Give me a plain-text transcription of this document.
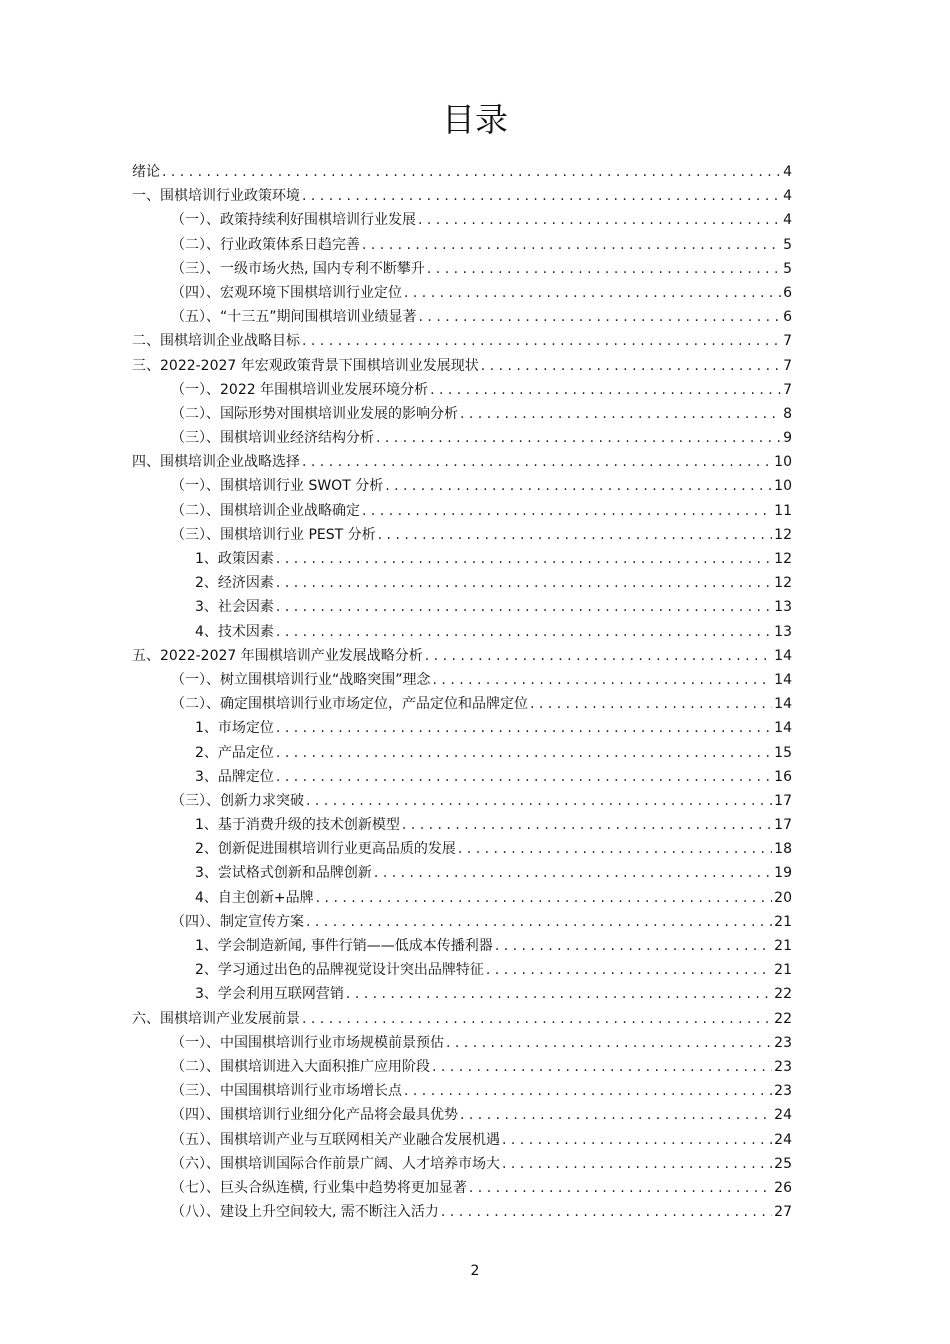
目录
绪论 . . .	4
一、围棋培训行业政策环境 . . .	4
（一）、政策持续利好围棋培训行业发展 . . .	4
（二）、行业政策体系日趋完善 . . .	5
（三）、一级市场火热, 国内专利不断攀升 . . .	5
（四）、宏观环境下围棋培训行业定位 . . .	6
（五）、“十三五”期间围棋培训业绩显著 . . .	6
二、围棋培训企业战略目标 . . .	7
三、2022-2027 年宏观政策背景下围棋培训业发展现状 . . .	7
（一）、2022 年围棋培训业发展环境分析 . . .	7
（二）、国际形势对围棋培训业发展的影响分析 . . .	8
（三）、围棋培训业经济结构分析 . . .	9
四、围棋培训企业战略选择 . . .	10
（一）、围棋培训行业 SWOT 分析 . . .	10
（二）、围棋培训企业战略确定 . . .	11
（三）、围棋培训行业 PEST 分析 . . .	12
1、政策因素 . . .	12
2、经济因素 . . .	12
3、社会因素 . . .	13
4、技术因素 . . .	13
五、2022-2027 年围棋培训产业发展战略分析 . . .	14
（一）、树立围棋培训行业“战略突围”理念 . . .	14
（二）、确定围棋培训行业市场定位，产品定位和品牌定位 . . .	14
1、市场定位 . . .	14
2、产品定位 . . .	15
3、品牌定位 . . .	16
（三）、创新力求突破 . . .	17
1、基于消费升级的技术创新模型 . . .	17
2、创新促进围棋培训行业更高品质的发展 . . .	18
3、尝试格式创新和品牌创新 . . .	19
4、自主创新+品牌 . . .	20
（四）、制定宣传方案 . . .	21
1、学会制造新闻, 事件行销——低成本传播利器 . . .	21
2、学习通过出色的品牌视觉设计突出品牌特征 . . .	21
3、学会利用互联网营销 . . .	22
六、围棋培训产业发展前景 . . .	22
（一）、中国围棋培训行业市场规模前景预估 . . .	23
（二）、围棋培训进入大面积推广应用阶段 . . .	23
（三）、中国围棋培训行业市场增长点 . . .	23
（四）、围棋培训行业细分化产品将会最具优势 . . .	24
（五）、围棋培训产业与互联网相关产业融合发展机遇 . . .	24
（六）、围棋培训国际合作前景广阔、人才培养市场大 . . .	25
（七）、巨头合纵连横, 行业集中趋势将更加显著 . . .	26
（八）、建设上升空间较大, 需不断注入活力 . . .	27
2
